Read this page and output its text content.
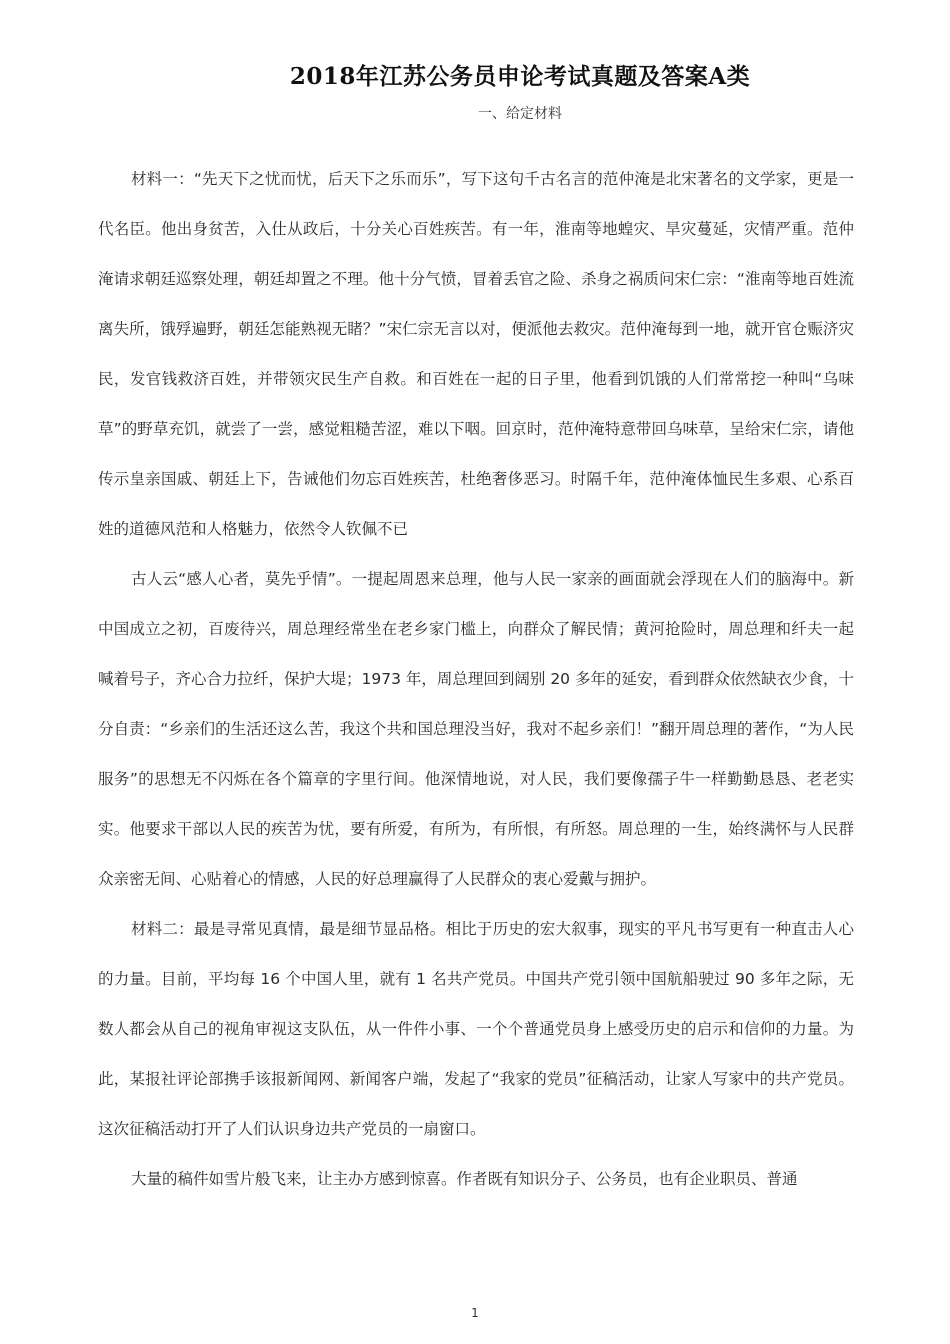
2018年江苏公务员申论考试真题及答案A类
一、给定材料

材料一：“先天下之忧而忧，后天下之乐而乐”，写下这句千古名言的范仲淹是北宋著名的文学家，更是一代名臣。他出身贫苦，入仕从政后，十分关心百姓疾苦。有一年，淮南等地蝗灾、旱灾蔓延，灾情严重。范仲淹请求朝廷巡察处理，朝廷却置之不理。他十分气愤，冒着丢官之险、杀身之祸质问宋仁宗：“淮南等地百姓流离失所，饿殍遍野，朝廷怎能熟视无睹？”宋仁宗无言以对，便派他去救灾。范仲淹每到一地，就开官仓赈济灾民，发官钱救济百姓，并带领灾民生产自救。和百姓在一起的日子里，他看到饥饿的人们常常挖一种叫“乌味草”的野草充饥，就尝了一尝，感觉粗糙苦涩，难以下咽。回京时，范仲淹特意带回乌味草，呈给宋仁宗，请他传示皇亲国戚、朝廷上下，告诫他们勿忘百姓疾苦，杜绝奢侈恶习。时隔千年，范仲淹体恤民生多艰、心系百姓的道德风范和人格魅力，依然令人钦佩不已

古人云“感人心者，莫先乎情”。一提起周恩来总理，他与人民一家亲的画面就会浮现在人们的脑海中。新中国成立之初，百废待兴，周总理经常坐在老乡家门槛上，向群众了解民情；黄河抢险时，周总理和纤夫一起喊着号子，齐心合力拉纤，保护大堤；1973 年，周总理回到阔别 20 多年的延安，看到群众依然缺衣少食，十分自责：“乡亲们的生活还这么苦，我这个共和国总理没当好，我对不起乡亲们！”翻开周总理的著作，“为人民服务”的思想无不闪烁在各个篇章的字里行间。他深情地说，对人民，我们要像孺子牛一样勤勤恳恳、老老实实。他要求干部以人民的疾苦为忧，要有所爱，有所为，有所恨，有所怒。周总理的一生，始终满怀与人民群众亲密无间、心贴着心的情感，人民的好总理赢得了人民群众的衷心爱戴与拥护。

材料二：最是寻常见真情，最是细节显品格。相比于历史的宏大叙事，现实的平凡书写更有一种直击人心的力量。目前，平均每 16 个中国人里，就有 1 名共产党员。中国共产党引领中国航船驶过 90 多年之际，无数人都会从自己的视角审视这支队伍，从一件件小事、一个个普通党员身上感受历史的启示和信仰的力量。为此，某报社评论部携手该报新闻网、新闻客户端，发起了“我家的党员”征稿活动，让家人写家中的共产党员。这次征稿活动打开了人们认识身边共产党员的一扇窗口。

大量的稿件如雪片般飞来，让主办方感到惊喜。作者既有知识分子、公务员，也有企业职员、普通

1
